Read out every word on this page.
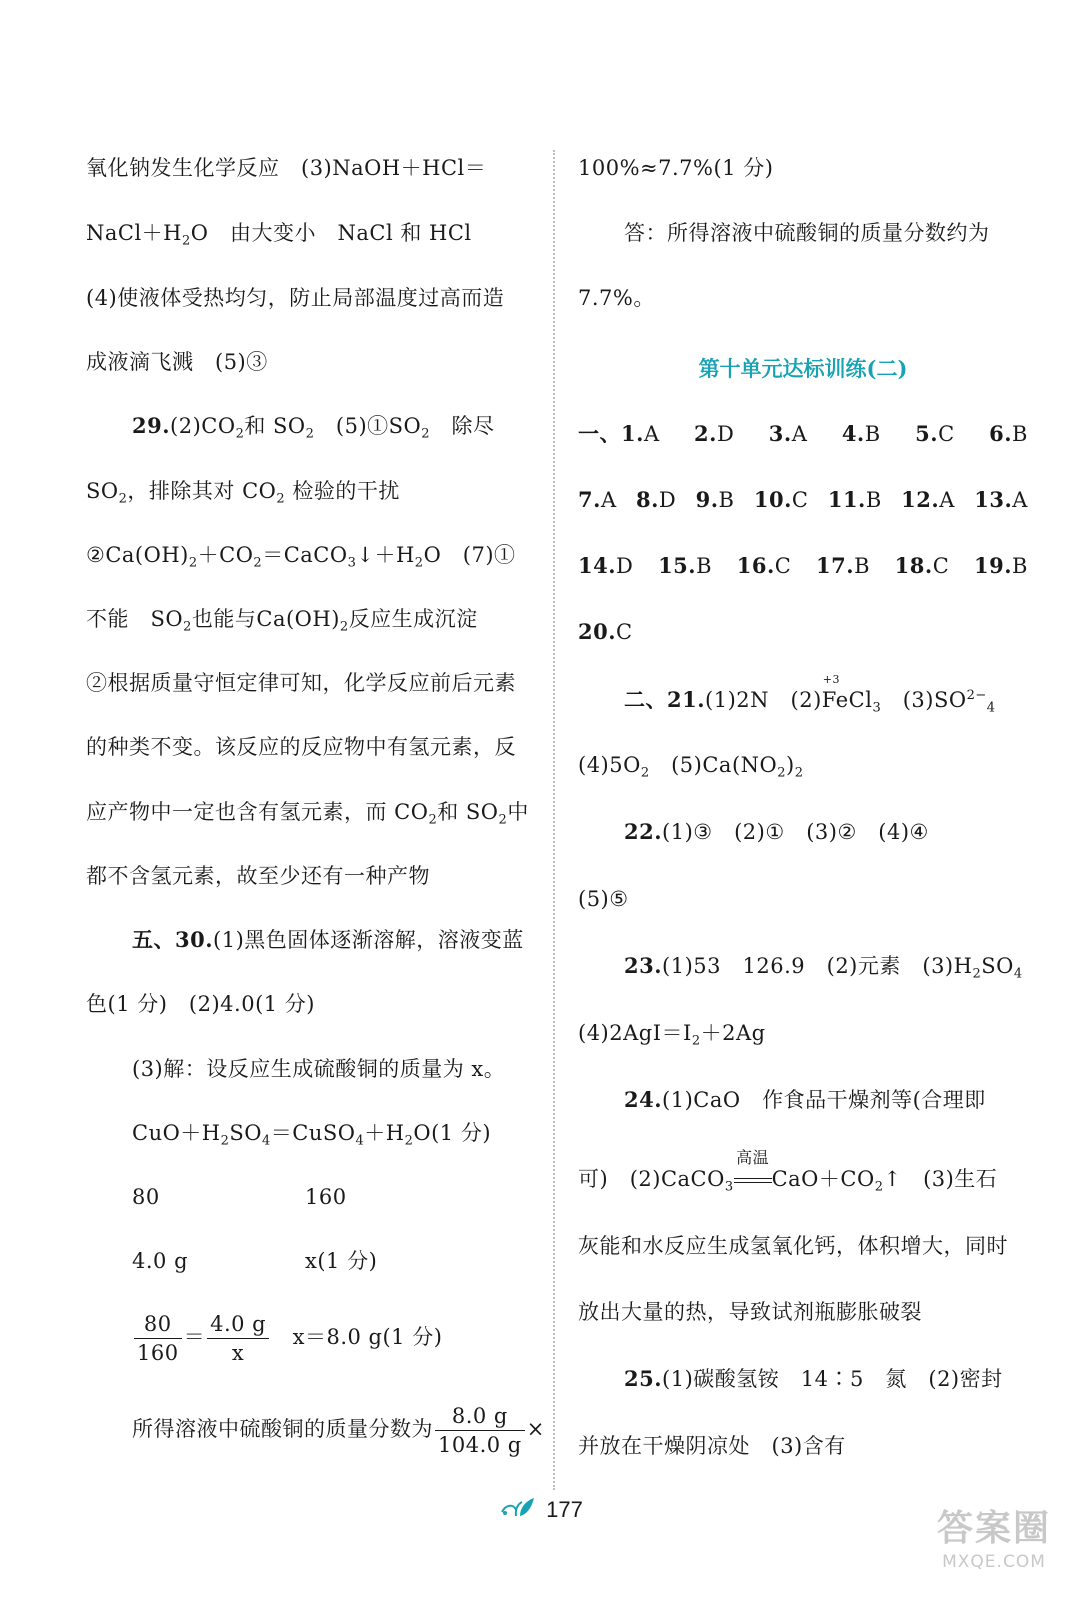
氧化钠发生化学反应　(3)NaOH＋HCl＝
$NaCl+H_2O$　由大变小　NaCl 和 HCl
(4)使液体受热均匀，防止局部温度过高而造
成液滴飞溅　(5)③
$29.(2)CO_2$和 $SO_2$　$(5)①SO_2$　除尽
$SO_2$，排除其对 $CO_2$ 检验的干扰
$②Ca(OH)_2+CO_2=CaCO_3↓+H_2O$　(7)①
不能　$SO_2$也能与$Ca(OH)_2$反应生成沉淀
②根据质量守恒定律可知，化学反应前后元素
的种类不变。该反应的反应物中有氢元素，反
应产物中一定也含有氢元素，而 $CO_2$和 $SO_2$中
都不含氢元素，故至少还有一种产物
五、30.(1)黑色固体逐渐溶解，溶液变蓝
色(1 分)　(2)4.0(1 分)
(3)解：设反应生成硫酸铜的质量为 x。
$CuO+H_2SO_4=CuSO_4+H_2O(1$ 分)
80	160
4.0 g	x(1 分)
$\frac{80}{160} = \frac{4.0 g}{x}$ 　x＝8.0 g(1 分)
所得溶液中硫酸铜的质量分数为 $\frac{8.0 g}{104.0 g}$ ×
100%≈7.7%(1 分)
答：所得溶液中硫酸铜的质量分数约为
7.7%。
第十单元达标训练(二)
一、1.A 2.D 3.A 4.B 5.C 6.B
7.A 8.D 9.B 10.C 11.B 12.A 13.A
14.D 15.B 16.C 17.B 18.C 19.B
20.C
二、21.(1)2N　(2)
+3
FeCl$_3$　$(3)SO^{2-}_4$
$(4)5O_2$　$(5)Ca(NO_2)_2$
22.(1)③　(2)①　(3)②　(4)④
(5)⑤
23.(1)53　126.9　(2)元素　$(3)H_2SO_4$
$(4)2AgI=I_2+2Ag$
24.(1)CaO　作食品干燥剂等(合理即
可)　(2)CaCO$_3$
高温
$CaO+CO_2↑$　(3)生石
灰能和水反应生成氢氧化钙，体积增大，同时
放出大量的热，导致试剂瓶膨胀破裂
25.(1)碳酸氢铵　14∶5　氮　(2)密封
并放在干燥阴凉处　(3)含有
177	答案圈
MXQE.COM
